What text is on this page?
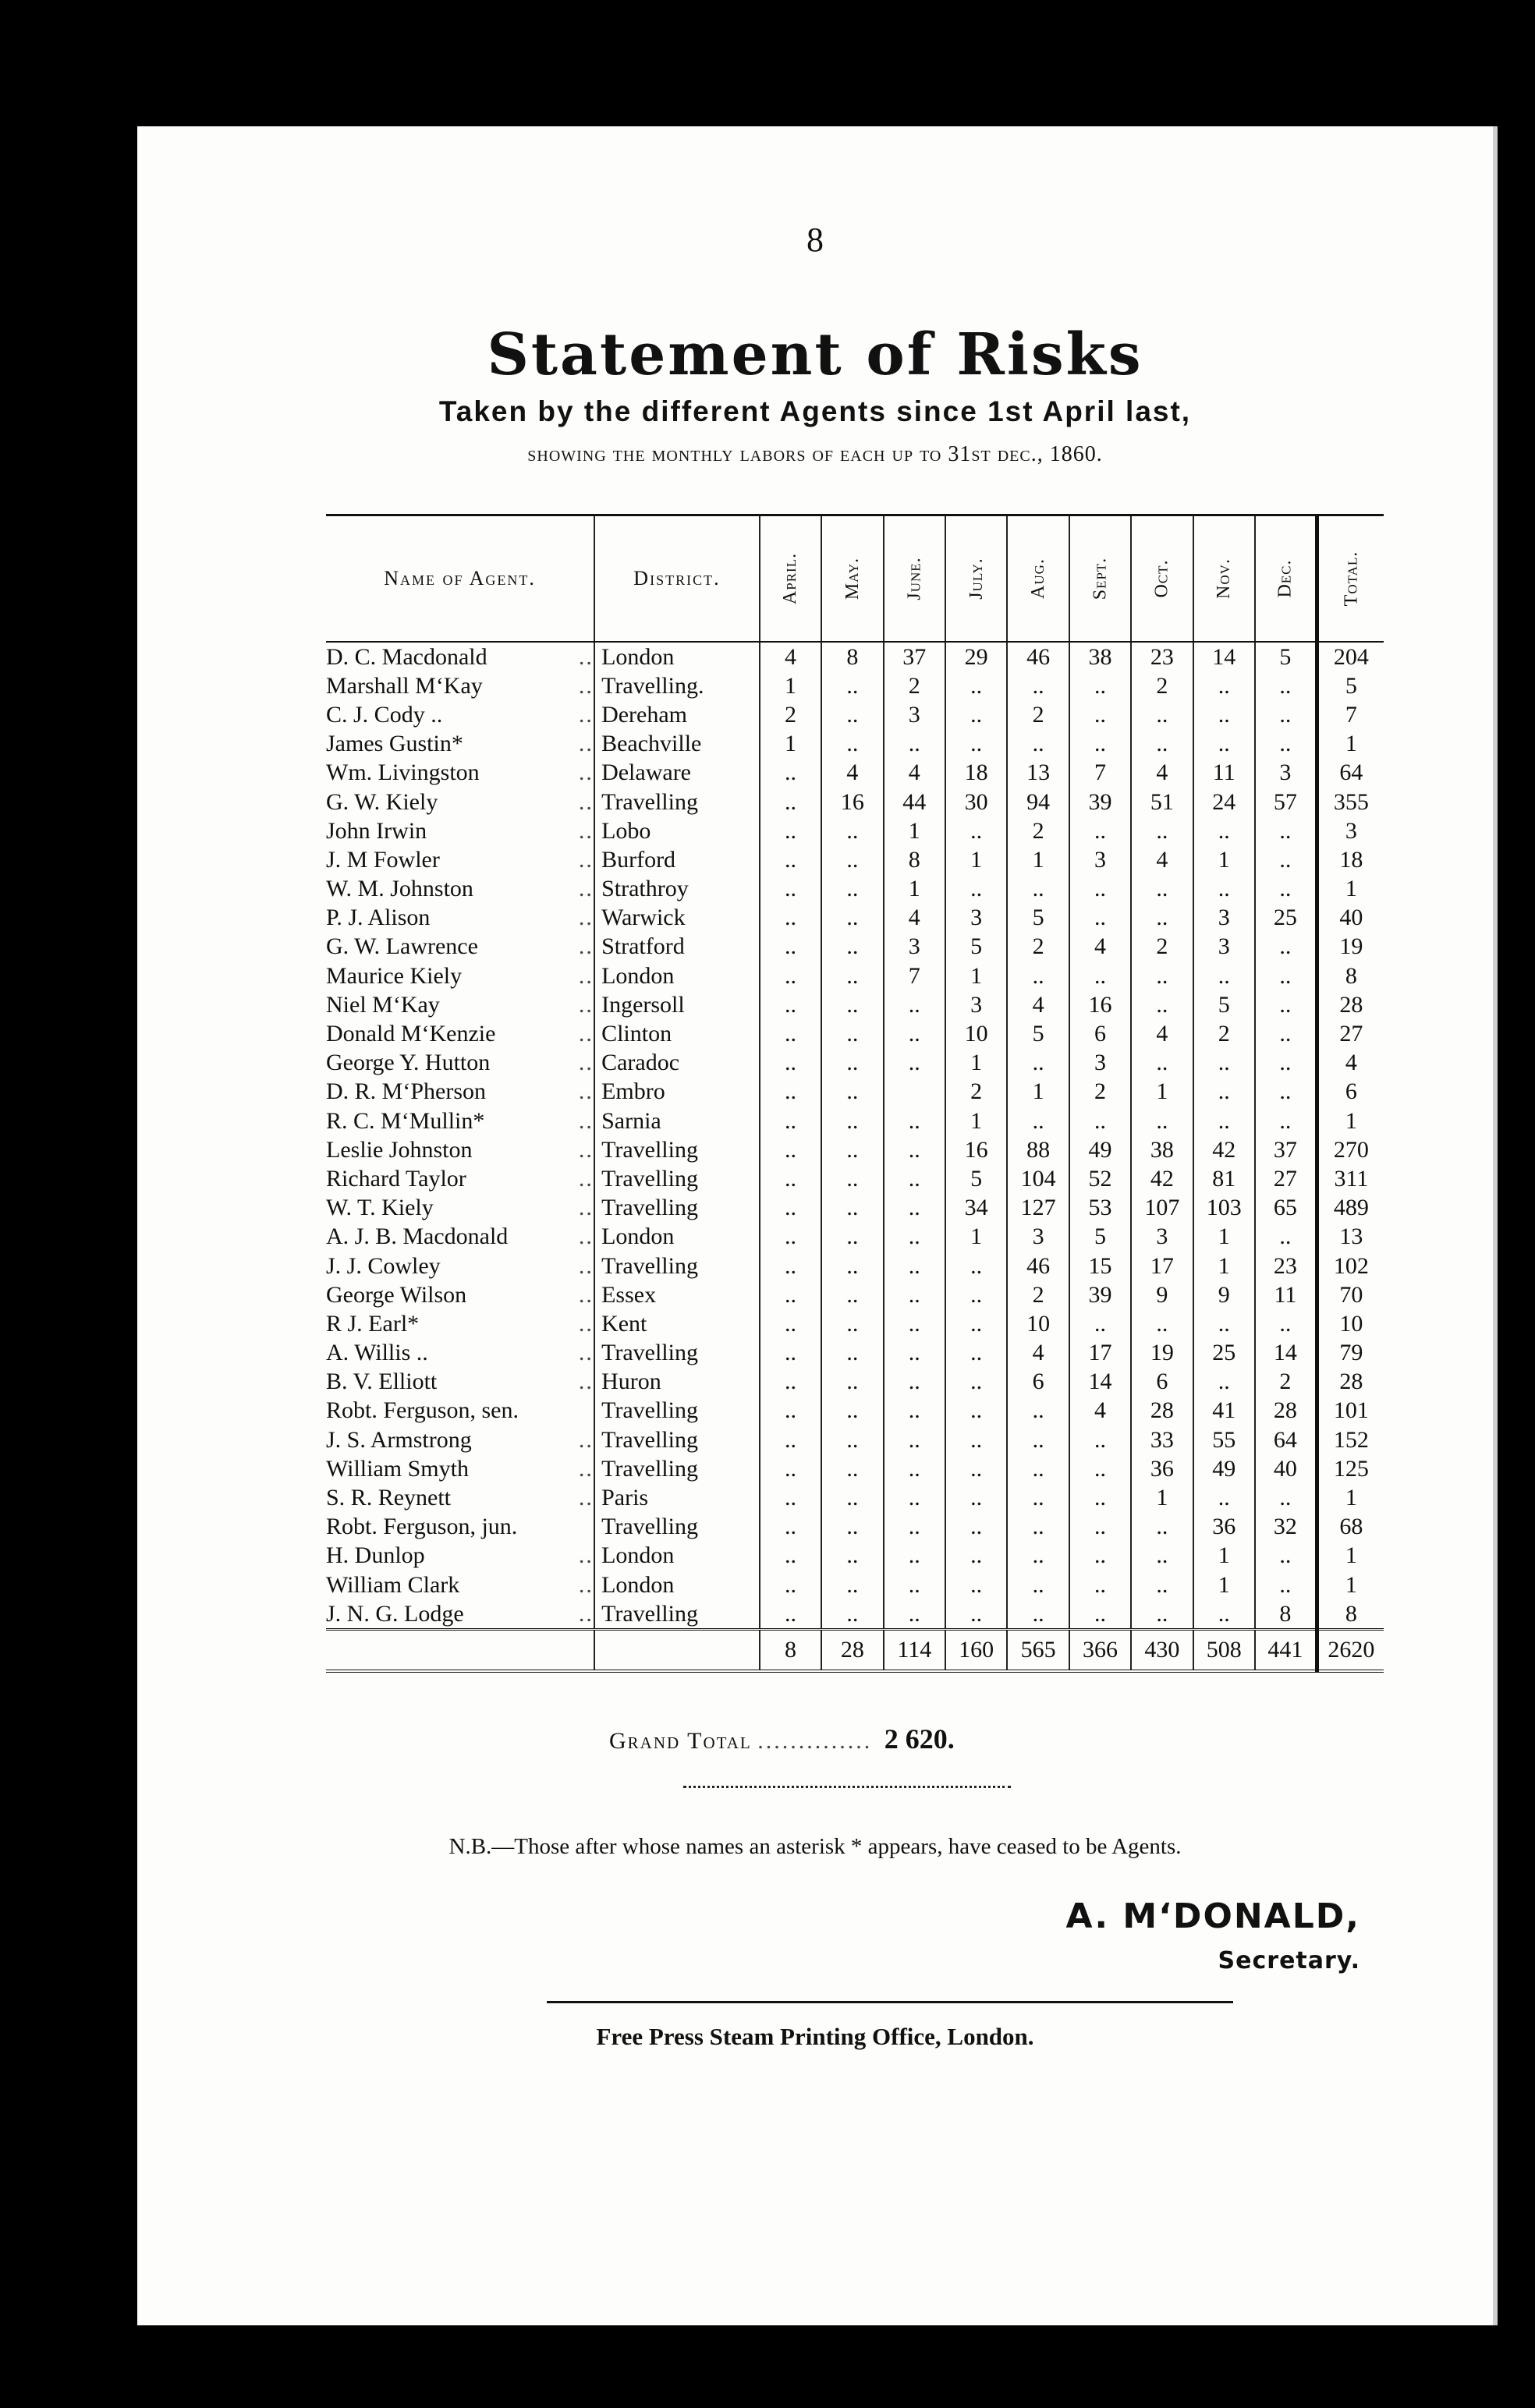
8
Statement of Risks
Taken by the different Agents since 1st April last,
showing the monthly labors of each up to 31st dec., 1860.
Name of Agent.		District.	April.	May.	June.	July.	Aug.	Sept.	Oct.	Nov.	Dec.	Total.
D. C. Macdonald	..	London	4	8	37	29	46	38	23	14	5	204
Marshall M‘Kay	..	Travelling.	1	..	2	..	..	..	2	..	..	5
C. J. Cody ..	..	Dereham	2	..	3	..	2	..	..	..	..	7
James Gustin*	..	Beachville	1	..	..	..	..	..	..	..	..	1
Wm. Livingston	..	Delaware	..	4	4	18	13	7	4	11	3	64
G. W. Kiely	..	Travelling	..	16	44	30	94	39	51	24	57	355
John Irwin	..	Lobo	..	..	1	..	2	..	..	..	..	3
J. M Fowler	..	Burford	..	..	8	1	1	3	4	1	..	18
W. M. Johnston	..	Strathroy	..	..	1	..	..	..	..	..	..	1
P. J. Alison	..	Warwick	..	..	4	3	5	..	..	3	25	40
G. W. Lawrence	..	Stratford	..	..	3	5	2	4	2	3	..	19
Maurice Kiely	..	London	..	..	7	1	..	..	..	..	..	8
Niel M‘Kay	..	Ingersoll	..	..	..	3	4	16	..	5	..	28
Donald M‘Kenzie	..	Clinton	..	..	..	10	5	6	4	2	..	27
George Y. Hutton	..	Caradoc	..	..	..	1	..	3	..	..	..	4
D. R. M‘Pherson	..	Embro	..	..		2	1	2	1	..	..	6
R. C. M‘Mullin*	..	Sarnia	..	..	..	1	..	..	..	..	..	1
Leslie Johnston	..	Travelling	..	..	..	16	88	49	38	42	37	270
Richard Taylor	..	Travelling	..	..	..	5	104	52	42	81	27	311
W. T. Kiely	..	Travelling	..	..	..	34	127	53	107	103	65	489
A. J. B. Macdonald	..	London	..	..	..	1	3	5	3	1	..	13
J. J. Cowley	..	Travelling	..	..	..	..	46	15	17	1	23	102
George Wilson	..	Essex	..	..	..	..	2	39	9	9	11	70
R J. Earl*	..	Kent	..	..	..	..	10	..	..	..	..	10
A. Willis ..	..	Travelling	..	..	..	..	4	17	19	25	14	79
B. V. Elliott	..	Huron	..	..	..	..	6	14	6	..	2	28
Robt. Ferguson, sen.		Travelling	..	..	..	..	..	4	28	41	28	101
J. S. Armstrong	..	Travelling	..	..	..	..	..	..	33	55	64	152
William Smyth	..	Travelling	..	..	..	..	..	..	36	49	40	125
S. R. Reynett	..	Paris	..	..	..	..	..	..	1	..	..	1
Robt. Ferguson, jun.		Travelling	..	..	..	..	..	..	..	36	32	68
H. Dunlop	..	London	..	..	..	..	..	..	..	1	..	1
William Clark	..	London	..	..	..	..	..	..	..	1	..	1
J. N. G. Lodge	..	Travelling	..	..	..	..	..	..	..	..	8	8
			8	28	114	160	565	366	430	508	441	2620
Grand Total .............. 2 620.
N.B.—Those after whose names an asterisk * appears, have ceased to be Agents.
A. M‘DONALD,
Secretary.
Free Press Steam Printing Office, London.
